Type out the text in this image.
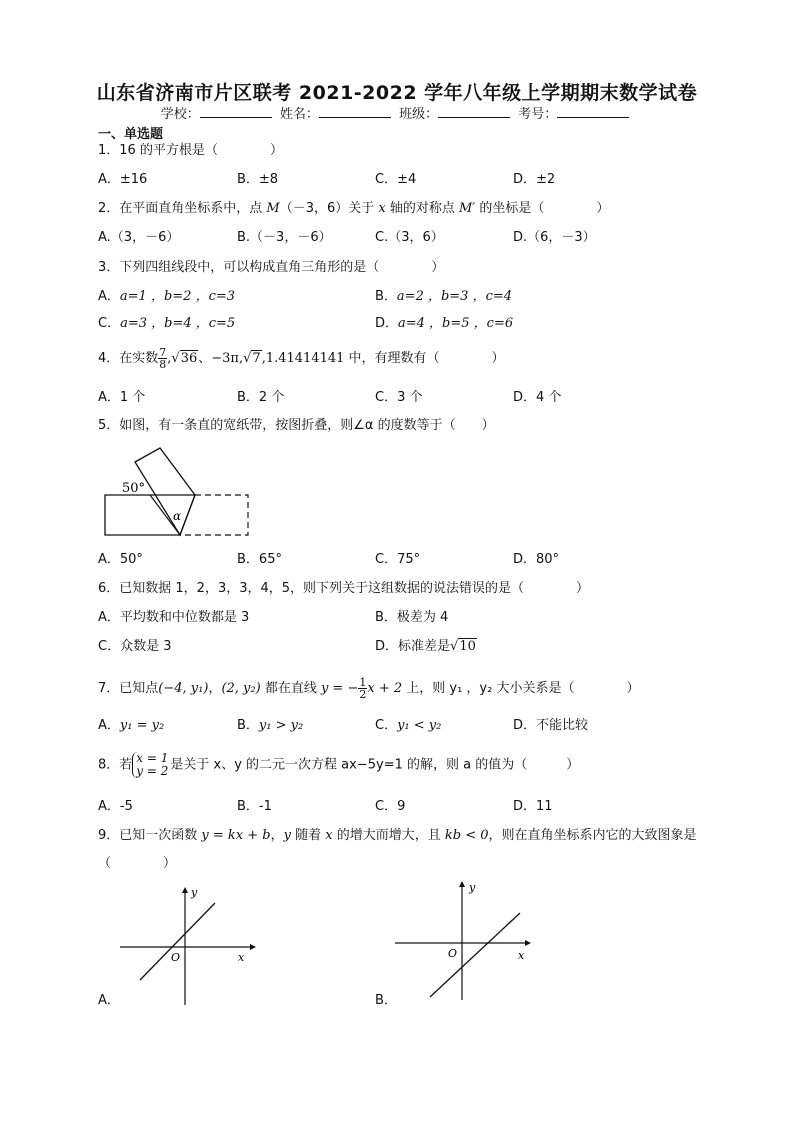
山东省济南市片区联考 2021-2022 学年八年级上学期期末数学试卷
学校：	姓名：	班级：	考号：
一、单选题
1．16 的平方根是（　　　　）
A．±16	B．±8	C．±4	D．±2
2．在平面直角坐标系中，点 M（－3，6）关于 x 轴的对称点 M′ 的坐标是（　　　　）
A.（3，－6）	B.（－3，－6）	C.（3，6）	D.（6，－3）
3．下列四组线段中，可以构成直角三角形的是（　　　　）
A．a=1 ，b=2 ，c=3	B．a=2 ，b=3 ，c=4
C．a=3 ，b=4 ，c=5	D．a=4 ，b=5 ，c=6
4．在实数 $\frac{7}{8} ,√36$、−3π,√7,1.41414141 中，有理数有（　　　　）
A．1 个	B．2 个	C．3 个	D．4 个
5．如图，有一条直的宽纸带，按图折叠，则∠α 的度数等于（　　）
50°
α
A．50°	B．65°	C．75°	D．80°
6．已知数据 1，2，3，3，4，5，则下列关于这组数据的说法错误的是（　　　　）
A．平均数和中位数都是 3	B．极差为 4
C．众数是 3	D．标准差是√10
7．已知点(−4, y₁)，(2, y₂) 都在直线 y = − $\frac{1}{2}$ x + 2 上，则 y₁ ，y₂ 大小关系是（　　　　）
A．y₁ = y₂	B．y₁ > y₂	C．y₁ < y₂	D．不能比较
8．若 x = 1
y = 2 是关于 x、y 的二元一次方程 ax−5y=1 的解，则 a 的值为（　　　）
A．-5	B．-1	C．9	D．11
9．已知一次函数 y = kx + b，y 随着 x 的增大而增大，且 kb < 0，则在直角坐标系内它的大致图象是
（　　　　）
y
x
O
A．
y
x
O
B．
